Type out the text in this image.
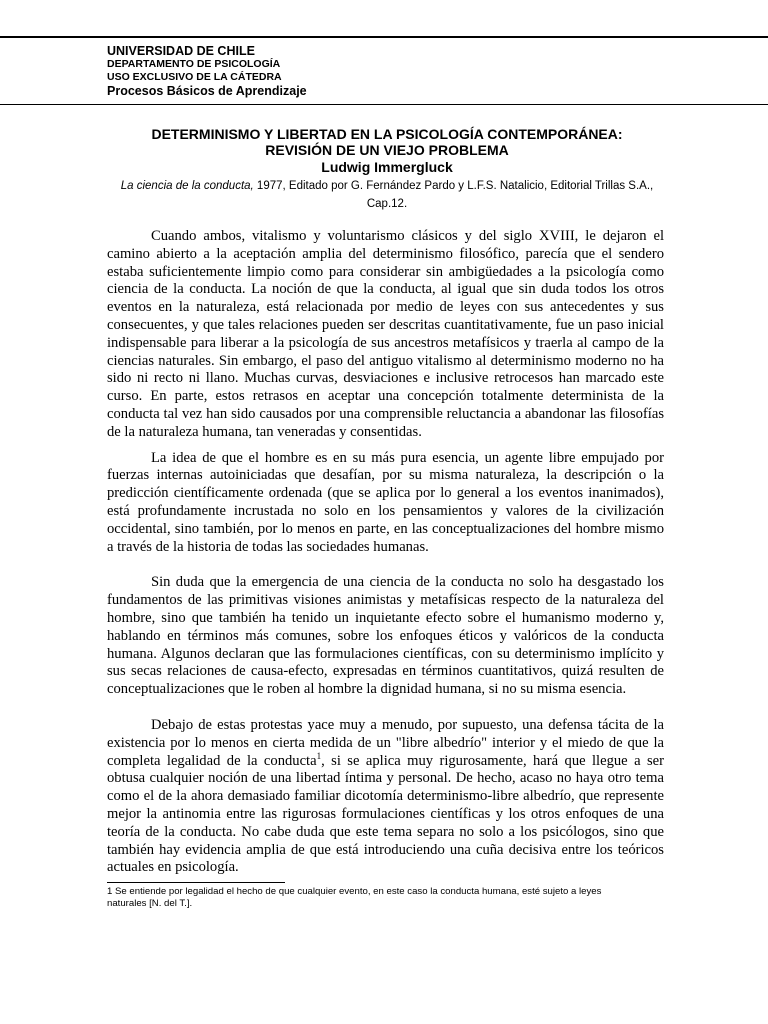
UNIVERSIDAD DE CHILE
DEPARTAMENTO DE PSICOLOGÍA
USO EXCLUSIVO DE LA CÁTEDRA
Procesos Básicos de Aprendizaje
DETERMINISMO Y LIBERTAD EN LA PSICOLOGÍA CONTEMPORÁNEA:
REVISIÓN DE UN VIEJO PROBLEMA
Ludwig Immergluck
La ciencia de la conducta, 1977, Editado por G. Fernández Pardo y L.F.S. Natalicio, Editorial Trillas S.A., Cap.12.

Cuando ambos, vitalismo y voluntarismo clásicos y del siglo XVIII, le dejaron el camino abierto a la aceptación amplia del determinismo filosófico, parecía que el sendero estaba suficientemente limpio como para considerar sin ambigüedades a la psicología como ciencia de la conducta. La noción de que la conducta, al igual que sin duda todos los otros eventos en la naturaleza, está relacionada por medio de leyes con sus antecedentes y sus consecuentes, y que tales relaciones pueden ser descritas cuantitativamente, fue un paso inicial indispensable para liberar a la psicología de sus ancestros metafísicos y traerla al campo de la ciencias naturales. Sin embargo, el paso del antiguo vitalismo al determinismo moderno no ha sido ni recto ni llano. Muchas curvas, desviaciones e inclusive retrocesos han marcado este curso. En parte, estos retrasos en aceptar una concepción totalmente determinista de la conducta tal vez han sido causados por una comprensible reluctancia a abandonar las filosofías de la naturaleza humana, tan veneradas y consentidas.

La idea de que el hombre es en su más pura esencia, un agente libre empujado por fuerzas internas autoiniciadas que desafían, por su misma naturaleza, la descripción o la predicción científicamente ordenada (que se aplica por lo general a los eventos inanimados), está profundamente incrustada no solo en los pensamientos y valores de la civilización occidental, sino también, por lo menos en parte, en las conceptualizaciones del hombre mismo a través de la historia de todas las sociedades humanas.

Sin duda que la emergencia de una ciencia de la conducta no solo ha desgastado los fundamentos de las primitivas visiones animistas y metafísicas respecto de la naturaleza del hombre, sino que también ha tenido un inquietante efecto sobre el humanismo moderno y, hablando en términos más comunes, sobre los enfoques éticos y valóricos de la conducta humana. Algunos declaran que las formulaciones científicas, con su determinismo implícito y sus secas relaciones de causa-efecto, expresadas en términos cuantitativos, quizá resulten de conceptualizaciones que le roben al hombre la dignidad humana, si no su misma esencia.

Debajo de estas protestas yace muy a menudo, por supuesto, una defensa tácita de la existencia por lo menos en cierta medida de un "libre albedrío" interior y el miedo de que la completa legalidad de la conducta$^1$, si se aplica muy rigurosamente, hará que llegue a ser obtusa cualquier noción de una libertad íntima y personal. De hecho, acaso no haya otro tema como el de la ahora demasiado familiar dicotomía determinismo-libre albedrío, que represente mejor la antinomia entre las rigurosas formulaciones científicas y los otros enfoques de una teoría de la conducta. No cabe duda que este tema separa no solo a los psicólogos, sino que también hay evidencia amplia de que está introduciendo una cuña decisiva entre los teóricos actuales en psicología.

1 Se entiende por legalidad el hecho de que cualquier evento, en este caso la conducta humana, esté sujeto a leyes naturales [N. del T.].
